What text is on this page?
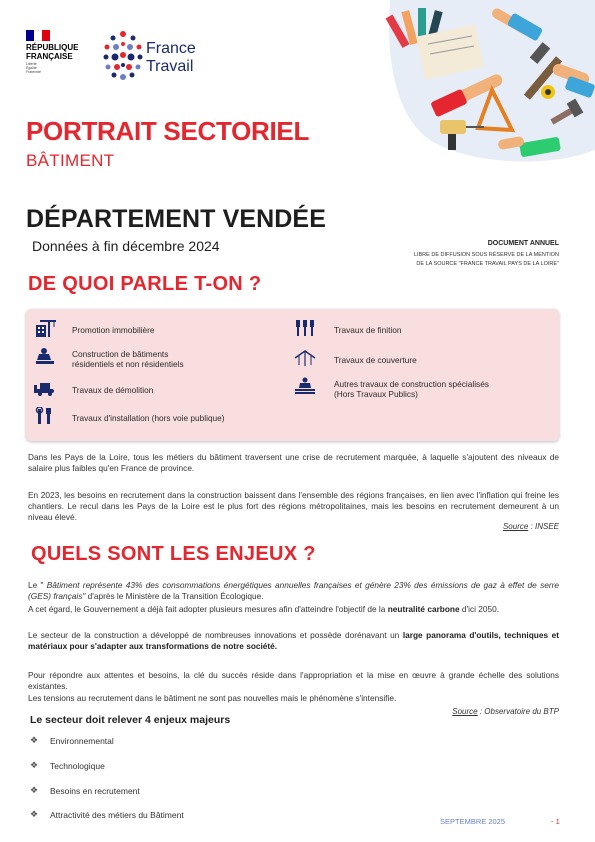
RÉPUBLIQUE
FRANÇAISE
Liberté
Égalité
Fraternité
France
Travail
PORTRAIT SECTORIEL
BÂTIMENT
DÉPARTEMENT VENDÉE
Données à fin décembre 2024	DOCUMENT ANNUEL
LIBRE DE DIFFUSION SOUS RÉSERVE DE LA MENTION
DE LA SOURCE "FRANCE TRAVAIL PAYS DE LA LOIRE"
DE QUOI PARLE T-ON ?
Promotion immobilière
Construction de bâtiments
résidentiels et non résidentiels
Travaux de démolition
Travaux d'installation (hors voie publique)
Travaux de finition
Travaux de couverture
Autres travaux de construction spécialisés
(Hors Travaux Publics)
Dans les Pays de la Loire, tous les métiers du bâtiment traversent une crise de recrutement marquée, à laquelle s'ajoutent des niveaux de salaire plus faibles qu'en France de province.
En 2023, les besoins en recrutement dans la construction baissent dans l'ensemble des régions françaises, en lien avec l'inflation qui freine les chantiers. Le recul dans les Pays de la Loire est le plus fort des régions métropolitaines, mais les besoins en recrutement demeurent à un niveau élevé.
Source : INSEE
QUELS SONT LES ENJEUX ?
Le " Bâtiment représente 43% des consommations énergétiques annuelles françaises et génère 23% des émissions de gaz à effet de serre (GES) français" d'après le Ministère de la Transition Écologique.
A cet égard, le Gouvernement a déjà fait adopter plusieurs mesures afin d'atteindre l'objectif de la neutralité carbone d'ici 2050.
Le secteur de la construction a développé de nombreuses innovations et possède dorénavant un large panorama d'outils, techniques et matériaux pour s'adapter aux transformations de notre société.
Pour répondre aux attentes et besoins, la clé du succès réside dans l'appropriation et la mise en œuvre à grande échelle des solutions existantes.
Les tensions au recrutement dans le bâtiment ne sont pas nouvelles mais le phénomène s'intensifie.
Source : Observatoire du BTP
Le secteur doit relever 4 enjeux majeurs
❖	Environnemental
❖	Technologique
❖	Besoins en recrutement
❖	Attractivité des métiers du Bâtiment
SEPTEMBRE 2025	- 1
